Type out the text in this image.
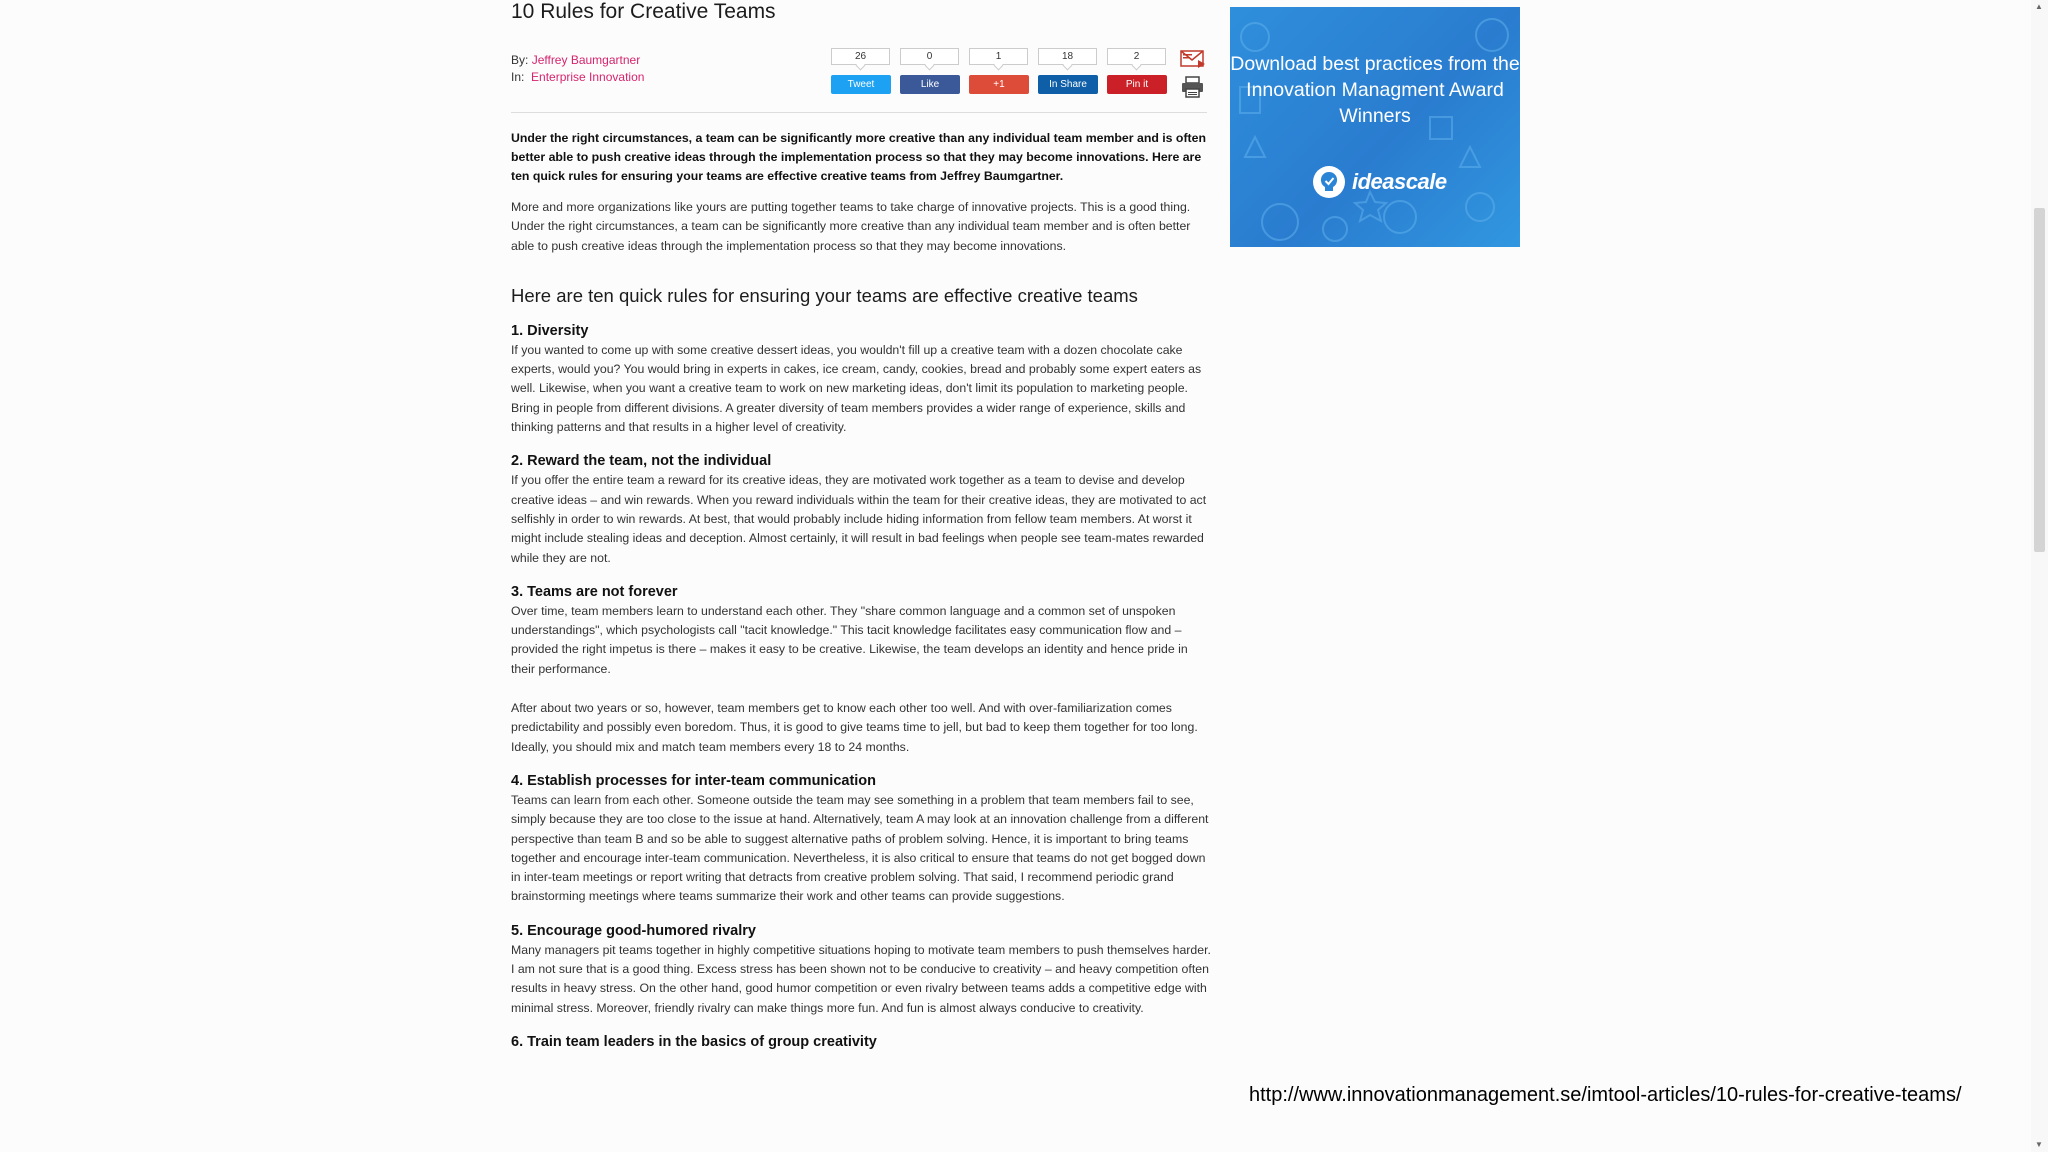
10 Rules for Creative Teams
By: Jeffrey Baumgartner
In: Enterprise Innovation
26	0	1	18	2
Tweet	Like	+1	In Share	Pin it

Under the right circumstances, a team can be significantly more creative than any individual team member and is often better able to push creative ideas through the implementation process so that they may become innovations. Here are ten quick rules for ensuring your teams are effective creative teams from Jeffrey Baumgartner.

More and more organizations like yours are putting together teams to take charge of innovative projects. This is a good thing. Under the right circumstances, a team can be significantly more creative than any individual team member and is often better able to push creative ideas through the implementation process so that they may become innovations.

Here are ten quick rules for ensuring your teams are effective creative teams
1. Diversity

If you wanted to come up with some creative dessert ideas, you wouldn't fill up a creative team with a dozen chocolate cake experts, would you? You would bring in experts in cakes, ice cream, candy, cookies, bread and probably some expert eaters as well. Likewise, when you want a creative team to work on new marketing ideas, don't limit its population to marketing people. Bring in people from different divisions. A greater diversity of team members provides a wider range of experience, skills and thinking patterns and that results in a higher level of creativity.

2. Reward the team, not the individual

If you offer the entire team a reward for its creative ideas, they are motivated work together as a team to devise and develop creative ideas – and win rewards. When you reward individuals within the team for their creative ideas, they are motivated to act selfishly in order to win rewards. At best, that would probably include hiding information from fellow team members. At worst it might include stealing ideas and deception. Almost certainly, it will result in bad feelings when people see team-mates rewarded while they are not.

3. Teams are not forever

Over time, team members learn to understand each other. They "share common language and a common set of unspoken understandings", which psychologists call "tacit knowledge." This tacit knowledge facilitates easy communication flow and – provided the right impetus is there – makes it easy to be creative. Likewise, the team develops an identity and hence pride in their performance.

After about two years or so, however, team members get to know each other too well. And with over-familiarization comes predictability and possibly even boredom. Thus, it is good to give teams time to jell, but bad to keep them together for too long. Ideally, you should mix and match team members every 18 to 24 months.

4. Establish processes for inter-team communication

Teams can learn from each other. Someone outside the team may see something in a problem that team members fail to see, simply because they are too close to the issue at hand. Alternatively, team A may look at an innovation challenge from a different perspective than team B and so be able to suggest alternative paths of problem solving. Hence, it is important to bring teams together and encourage inter-team communication. Nevertheless, it is also critical to ensure that teams do not get bogged down in inter-team meetings or report writing that detracts from creative problem solving. That said, I recommend periodic grand brainstorming meetings where teams summarize their work and other teams can provide suggestions.

5. Encourage good-humored rivalry

Many managers pit teams together in highly competitive situations hoping to motivate team members to push themselves harder. I am not sure that is a good thing. Excess stress has been shown not to be conducive to creativity – and heavy competition often results in heavy stress. On the other hand, good humor competition or even rivalry between teams adds a competitive edge with minimal stress. Moreover, friendly rivalry can make things more fun. And fun is almost always conducive to creativity.

6. Train team leaders in the basics of group creativity
Download best practices from the Innovation Managment Award Winners
ideascale
▲
▼
http://www.innovationmanagement.se/imtool-articles/10-rules-for-creative-teams/
